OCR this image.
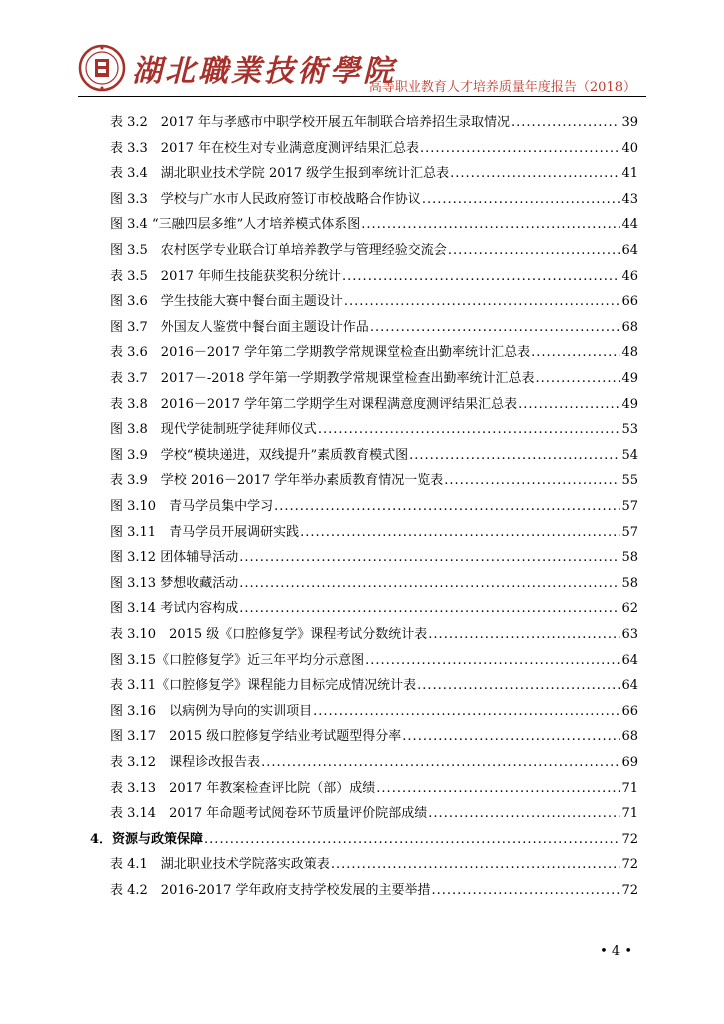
湖北職業技術學院
高等职业教育人才培养质量年度报告（2018）
表 3.2　2017 年与孝感市中职学校开展五年制联合培养招生录取情况 .....	39
表 3.3　2017 年在校生对专业满意度测评结果汇总表 .....	40
表 3.4　湖北职业技术学院 2017 级学生报到率统计汇总表 .....	41
图 3.3　学校与广水市人民政府签订市校战略合作协议 .....	43
图 3.4 “三融四层多维”人才培养模式体系图 .....	44
图 3.5　农村医学专业联合订单培养教学与管理经验交流会 .....	64
表 3.5　2017 年师生技能获奖积分统计 .....	46
图 3.6　学生技能大赛中餐台面主题设计 .....	66
图 3.7　外国友人鉴赏中餐台面主题设计作品 .....	68
表 3.6　2016－2017 学年第二学期教学常规课堂检查出勤率统计汇总表 .....	48
表 3.7　2017－-2018 学年第一学期教学常规课堂检查出勤率统计汇总表 .....	49
表 3.8　2016－2017 学年第二学期学生对课程满意度测评结果汇总表 .....	49
图 3.8　现代学徒制班学徒拜师仪式 .....	53
图 3.9　学校“模块递进，双线提升”素质教育模式图 .....	54
表 3.9　学校 2016－2017 学年举办素质教育情况一览表 .....	55
图 3.10　青马学员集中学习 .....	57
图 3.11　青马学员开展调研实践 .....	57
图 3.12 团体辅导活动 .....	58
图 3.13 梦想收藏活动 .....	58
图 3.14 考试内容构成 .....	62
表 3.10　2015 级《口腔修复学》课程考试分数统计表 .....	63
图 3.15《口腔修复学》近三年平均分示意图 .....	64
表 3.11《口腔修复学》课程能力目标完成情况统计表 .....	64
图 3.16　以病例为导向的实训项目 .....	66
图 3.17　2015 级口腔修复学结业考试题型得分率 .....	68
表 3.12　课程诊改报告表 .....	69
表 3.13　2017 年教案检查评比院（部）成绩 .....	71
表 3.14　2017 年命题考试阅卷环节质量评价院部成绩 .....	71
4．资源与政策保障 .....	72
表 4.1　湖北职业技术学院落实政策表 .....	72
表 4.2　2016-2017 学年政府支持学校发展的主要举措 .....	72
• 4 •
